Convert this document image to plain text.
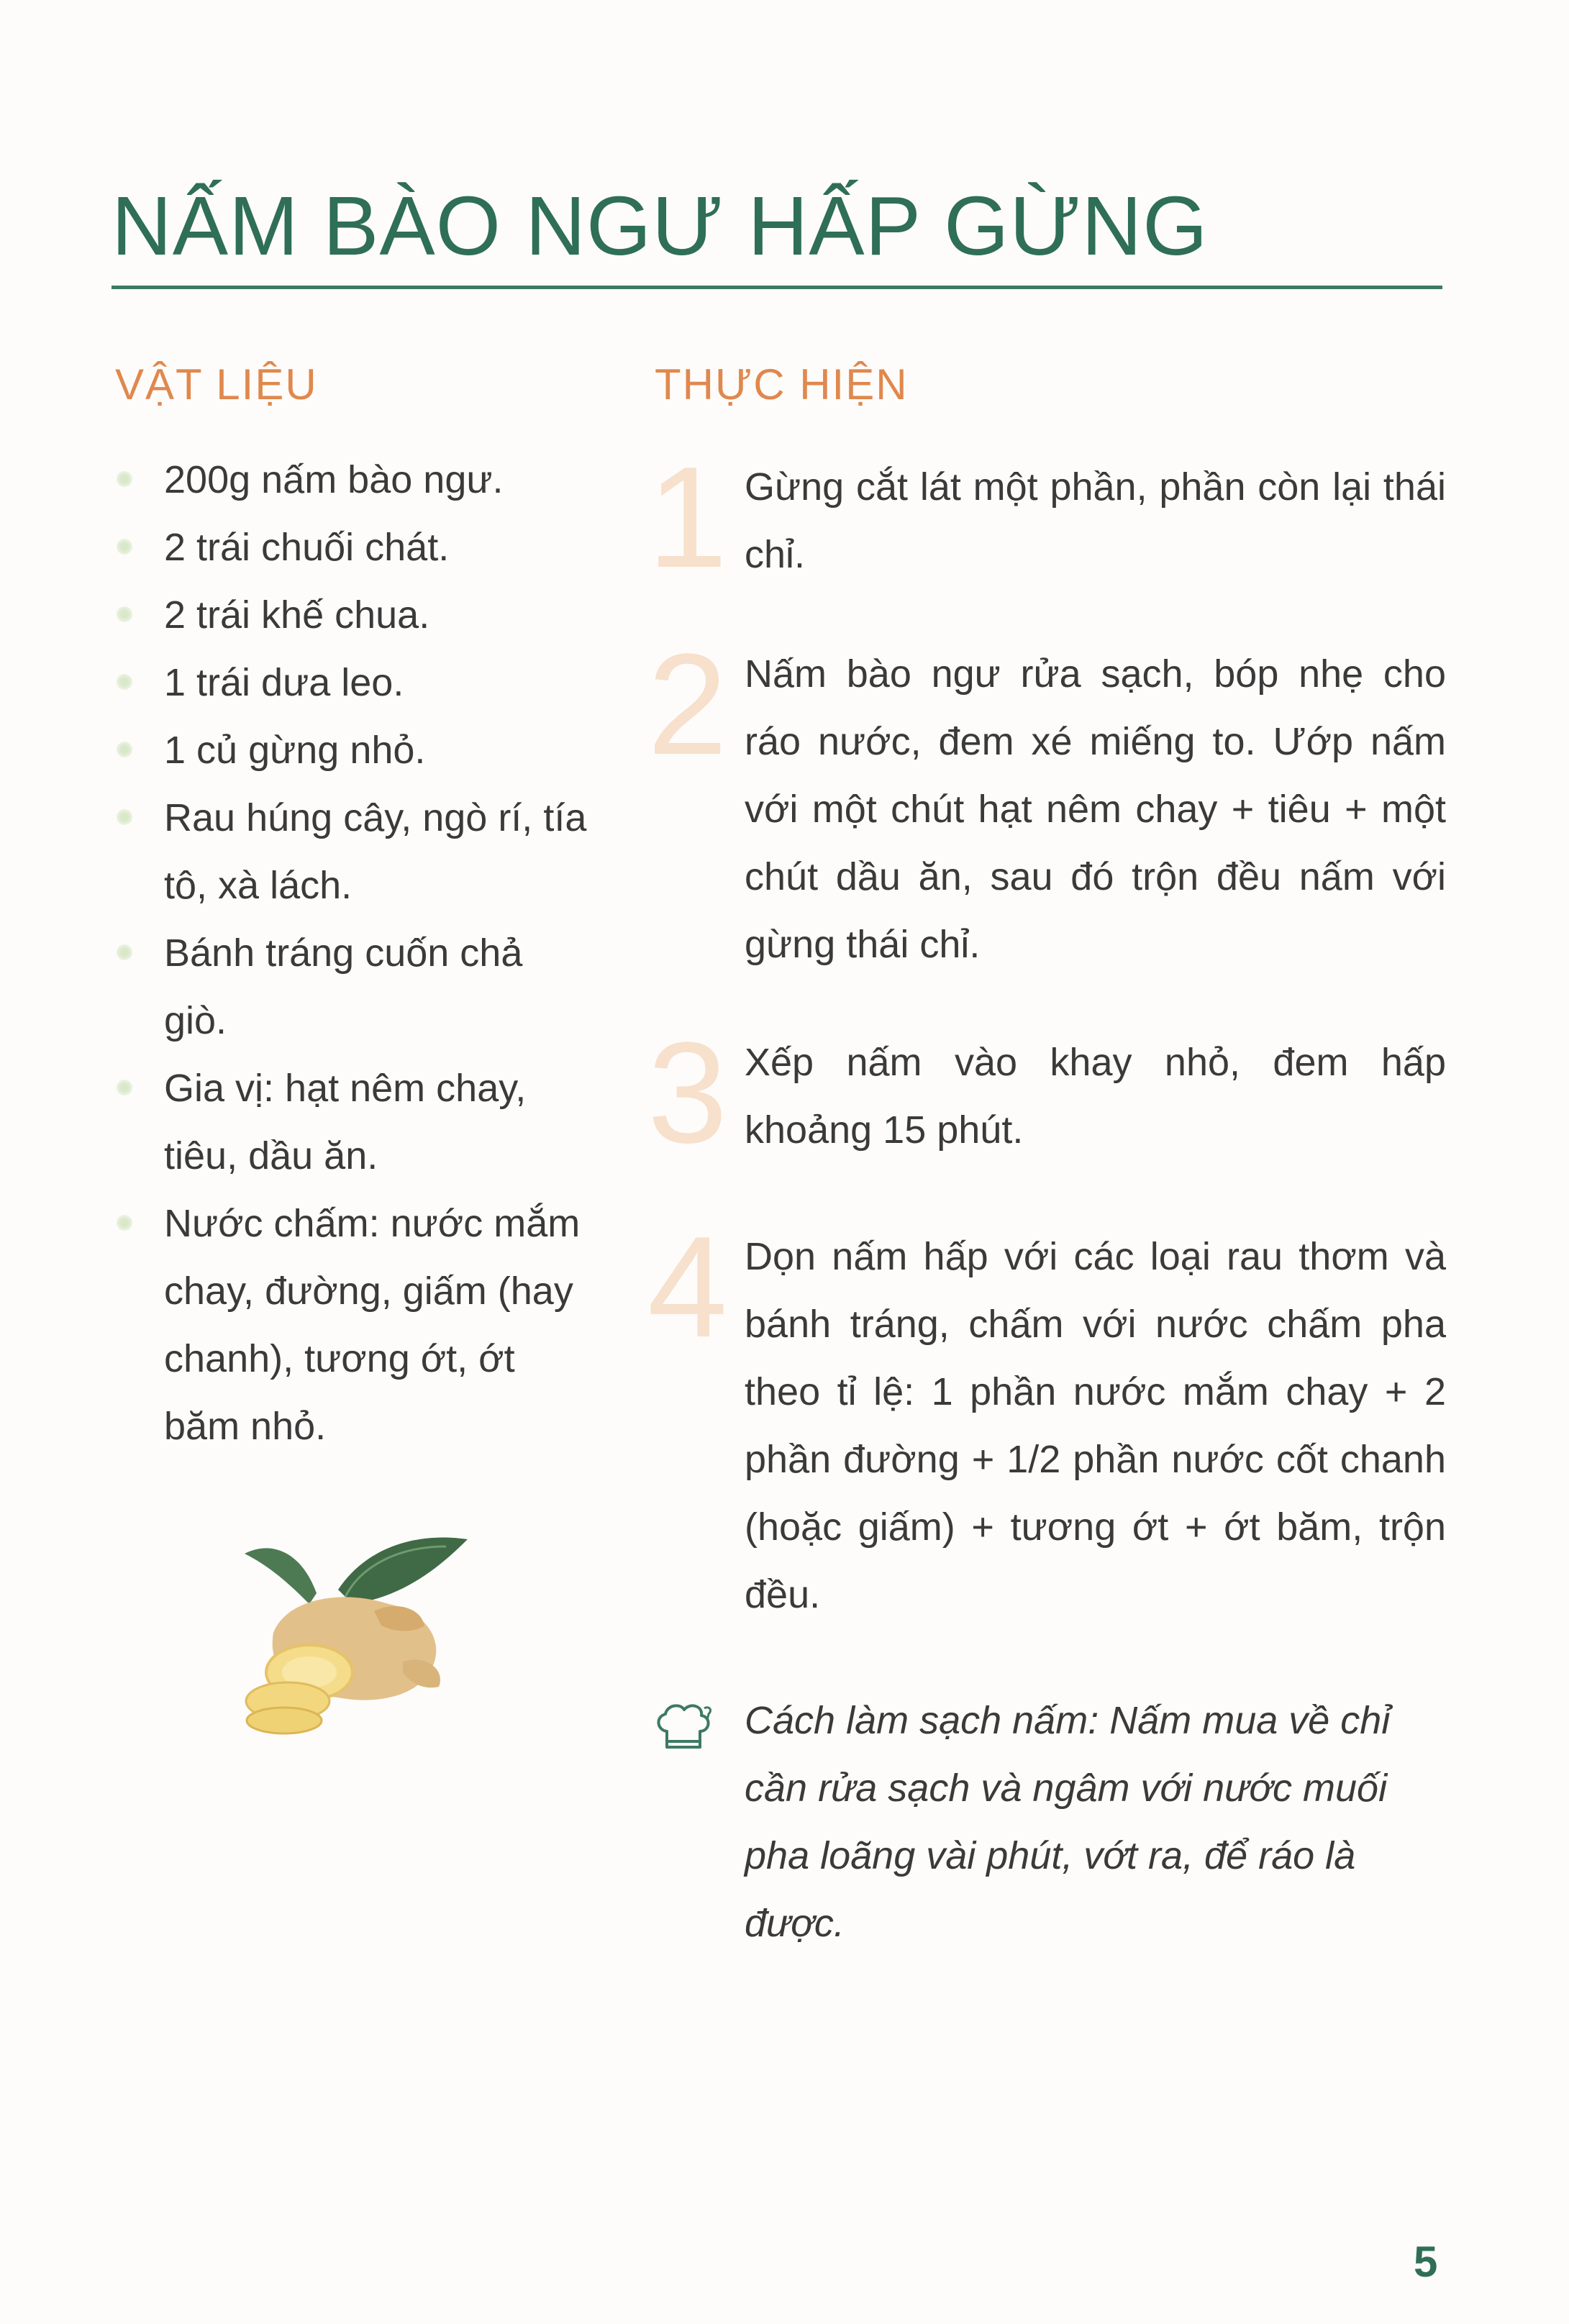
NẤM BÀO NGƯ HẤP GỪNG
VẬT LIỆU	THỰC HIỆN
200g nấm bào ngư.
2 trái chuối chát.
2 trái khế chua.
1 trái dưa leo.
1 củ gừng nhỏ.
Rau húng cây, ngò rí, tía tô, xà lách.
Bánh tráng cuốn chả giò.
Gia vị: hạt nêm chay, tiêu, dầu ăn.
Nước chấm: nước mắm chay, đường, giấm (hay chanh), tương ớt, ớt băm nhỏ.
1 Gừng cắt lát một phần, phần còn lại thái chỉ.

2 Nấm bào ngư rửa sạch, bóp nhẹ cho ráo nước, đem xé miếng to. Ướp nấm với một chút hạt nêm chay + tiêu + một chút dầu ăn, sau đó trộn đều nấm với gừng thái chỉ.

3 Xếp nấm vào khay nhỏ, đem hấp khoảng 15 phút.

4 Dọn nấm hấp với các loại rau thơm và bánh tráng, chấm với nước chấm pha theo tỉ lệ: 1 phần nước mắm chay + 2 phần đường + 1/2 phần nước cốt chanh (hoặc giấm) + tương ớt + ớt băm, trộn đều.

Cách làm sạch nấm: Nấm mua về chỉ cần rửa sạch và ngâm với nước muối pha loãng vài phút, vớt ra, để ráo là được.

5
